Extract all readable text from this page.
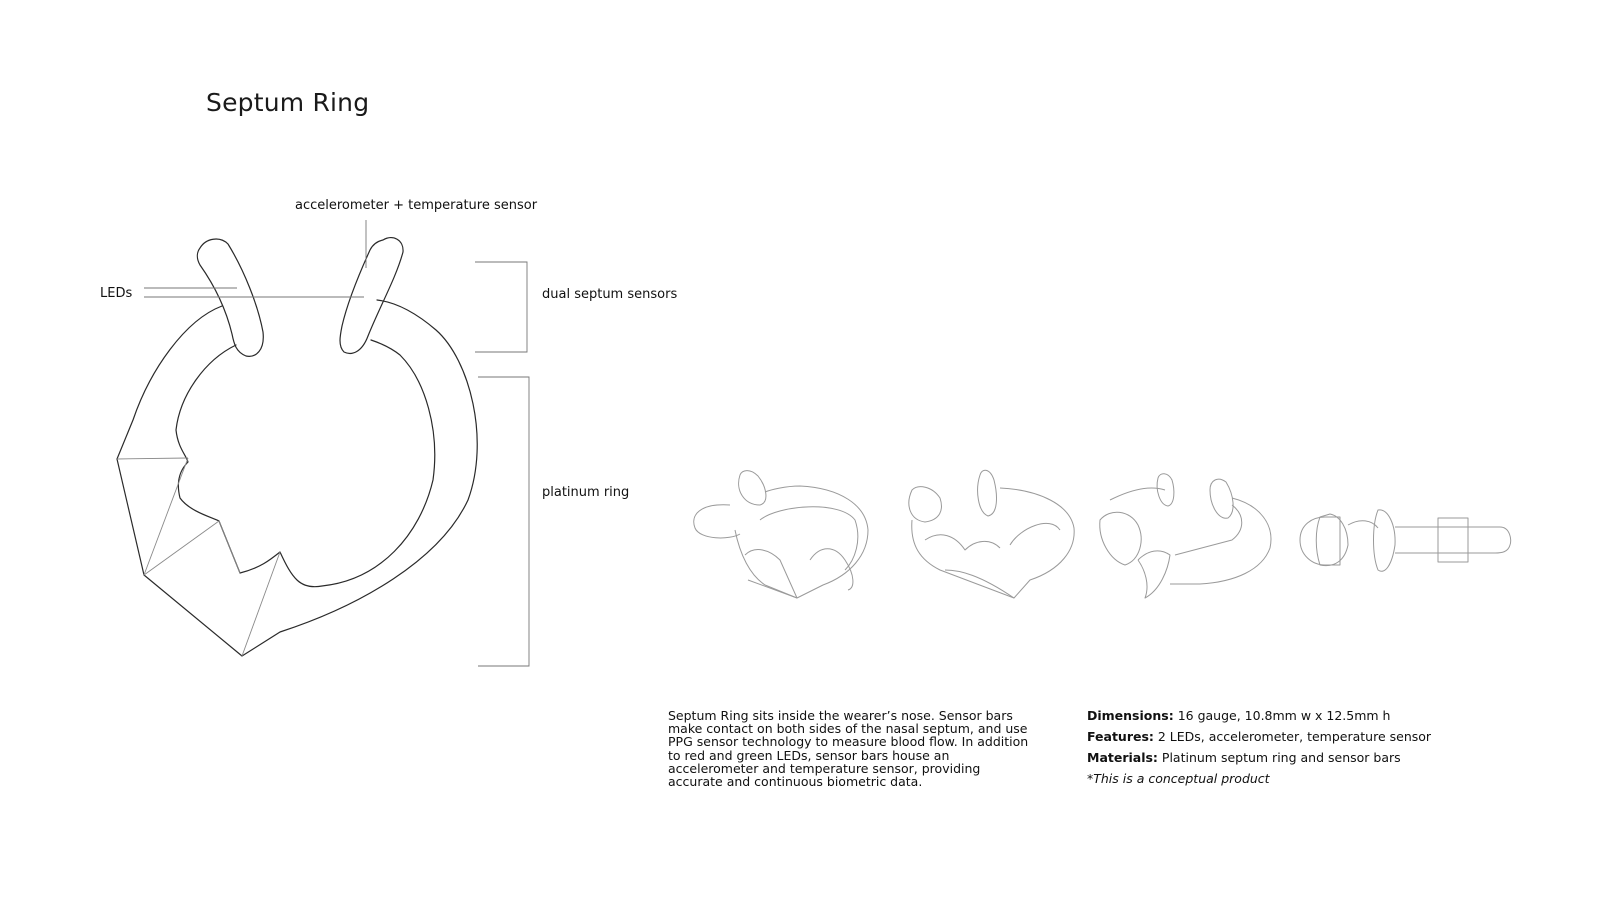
Septum Ring
accelerometer + temperature sensor
LEDs	dual septum sensors
platinum ring
Septum Ring sits inside the wearer’s nose. Sensor bars make contact on both sides of the nasal septum, and use PPG sensor technology to measure blood flow. In addition to red and green LEDs, sensor bars house an accelerometer and temperature sensor, providing accurate and continuous biometric data.
Dimensions: 16 gauge, 10.8mm w x 12.5mm h
Features: 2 LEDs, accelerometer, temperature sensor
Materials: Platinum septum ring and sensor bars
*This is a conceptual product
